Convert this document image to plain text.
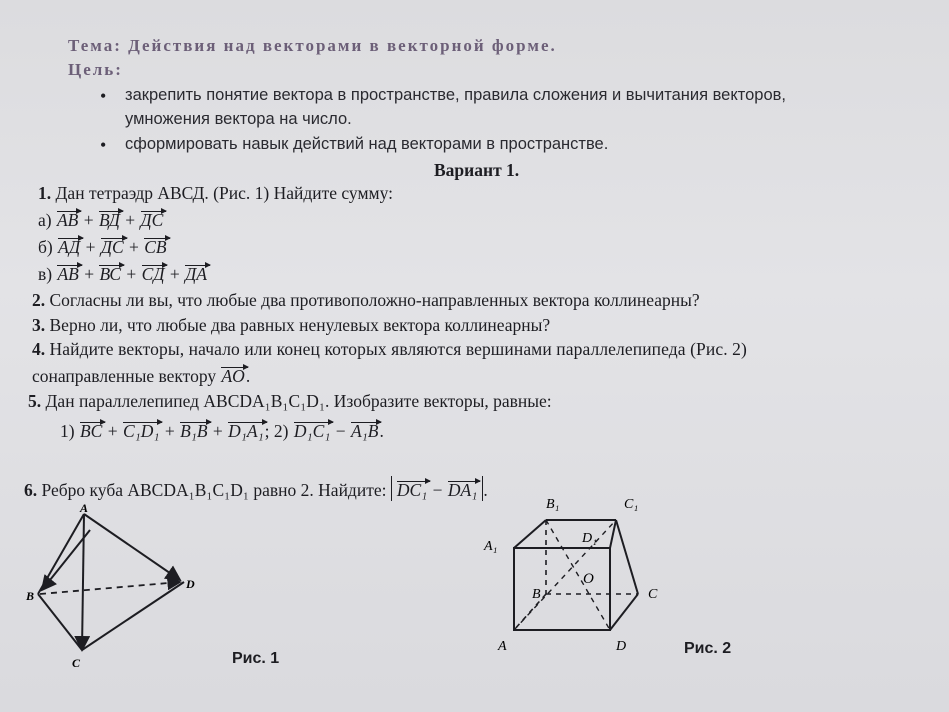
Тема: Действия над векторами в векторной форме.
Цель:
• закрепить понятие вектора в пространстве, правила сложения и вычитания векторов,
умножения вектора на число.
• сформировать навык действий над векторами в пространстве.
Вариант 1.
1. Дан тетраэдр АВСД. (Рис. 1) Найдите сумму:
а) АВ + ВД + ДС
б) АД + ДС + СВ
в) АВ + ВС + СД + ДА
2. Согласны ли вы, что любые два противоположно-направленных вектора коллинеарны?
3. Верно ли, что любые два равных ненулевых вектора коллинеарны?
4. Найдите векторы, начало или конец которых являются вершинами параллелепипеда (Рис. 2)
сонаправленные вектору AO.
5. Дан параллелепипед ABCDA₁B₁C₁D₁. Изобразите векторы, равные:
1) BC + C₁D₁ + B₁B + D₁A₁; 2) D₁C₁ − A₁B.
6. Ребро куба ABCDA₁B₁C₁D₁ равно 2. Найдите: DC₁ − DA₁ .
A
B
C
D
Рис. 1
B₁	C₁
A₁
D₁
O
B	C
A	D	Рис. 2
